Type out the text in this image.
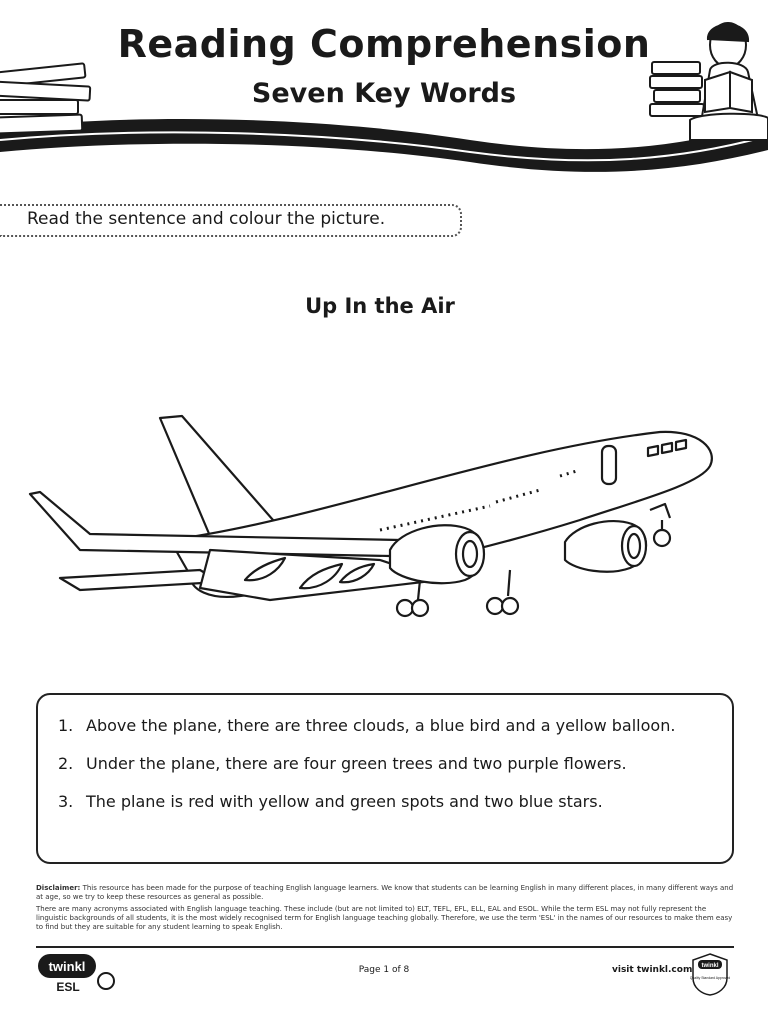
Reading Comprehension
Seven Key Words
Read the sentence and colour the picture.
Up In the Air
1. Above the plane, there are three clouds, a blue bird and a yellow balloon.
2. Under the plane, there are four green trees and two purple flowers.
3. The plane is red with yellow and green spots and two blue stars.

Disclaimer: This resource has been made for the purpose of teaching English language learners. We know that students can be learning English in many different places, in many different ways and at age, so we try to keep these resources as general as possible.

There are many acronyms associated with English language teaching. These include (but are not limited to) ELT, TEFL, EFL, ELL, EAL and ESOL. While the term ESL may not fully represent the linguistic backgrounds of all students, it is the most widely recognised term for English language teaching globally. Therefore, we use the term 'ESL' in the names of our resources to make them easy to find but they are suitable for any student learning to speak English.

twinkl
ESL
Page 1 of 8	visit twinkl.com twinkl
Quality Standard Approved
